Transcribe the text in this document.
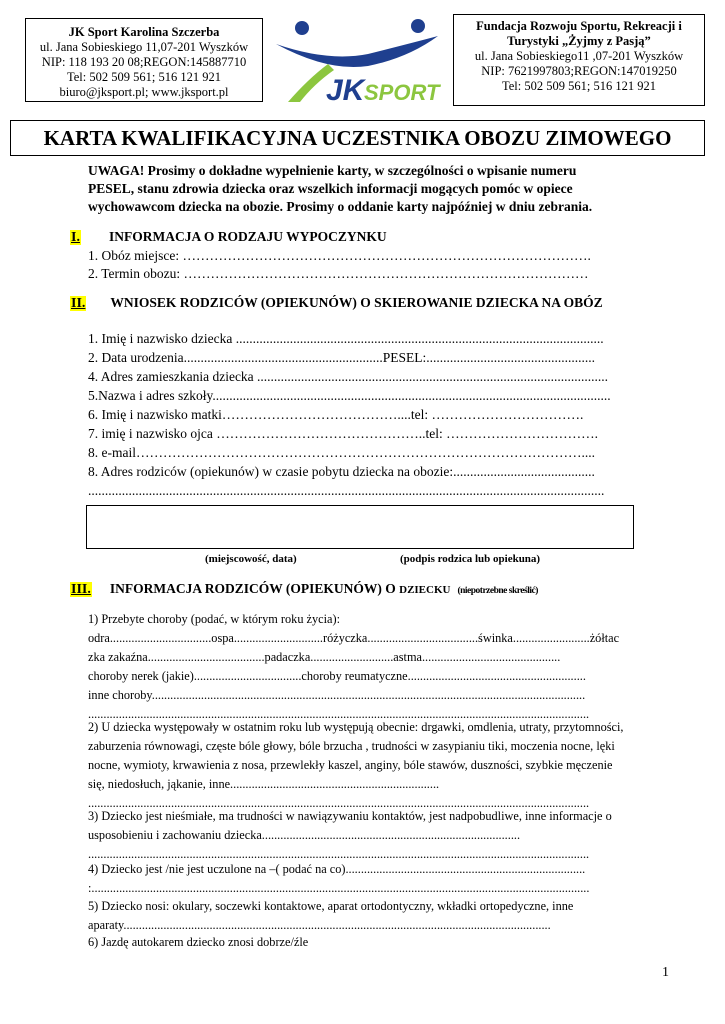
JK Sport Karolina Szczerba
ul. Jana Sobieskiego 11,07-201 Wyszków
NIP: 118 193 20 08;REGON:145887710
Tel: 502 509 561; 516 121 921
biuro@jksport.pl; www.jksport.pl	JK SPORT
Fundacja Rozwoju Sportu, Rekreacji i
Turystyki „Żyjmy z Pasją”
ul. Jana Sobieskiego11 ,07-201 Wyszków
NIP: 7621997803;REGON:147019250
Tel: 502 509 561; 516 121 921
KARTA KWALIFIKACYJNA UCZESTNIKA OBOZU ZIMOWEGO
UWAGA! Prosimy o dokładne wypełnienie karty, w szczególności o wpisanie numeru
PESEL, stanu zdrowia dziecka oraz wszelkich informacji mogących pomóc w opiece
wychowawcom dziecka na obozie. Prosimy o oddanie karty najpóźniej w dniu zebrania.
I. INFORMACJA O RODZAJU WYPOCZYNKU
1. Obóz miejsce: ……………………………………………………………………………….
2. Termin obozu: ………………………………………………………………………………
II. WNIOSEK RODZICÓW (OPIEKUNÓW) O SKIEROWANIE DZIECKA NA OBÓZ
1. Imię i nazwisko dziecka .............................................................................................................
2. Data urodzenia...........................................................PESEL:..................................................
4. Adres zamieszkania dziecka ........................................................................................................
5.Nazwa i adres szkoły......................................................................................................................
6. Imię i nazwisko matki…………………………………....tel: …………………………….
7. imię i nazwisko ojca ………………………………………..tel: …………………………….
8. e-mail………………………………………………………………………………………....
8. Adres rodziców (opiekunów) w czasie pobytu dziecka na obozie:..........................................
.........................................................................................................................................................
(miejscowość, data)	(podpis rodzica lub opiekuna)
III. INFORMACJA RODZICÓW (OPIEKUNÓW) O DZIECKU (niepotrzebne skreślić)
1) Przebyte choroby (podać, w którym roku życia):
odra.................................ospa.............................różyczka....................................świnka.........................żółtac
zka zakaźna......................................padaczka...........................astma.............................................
choroby nerek (jakie)...................................choroby reumatyczne..........................................................
inne choroby.............................................................................................................................................
...................................................................................................................................................................
2) U dziecka występowały w ostatnim roku lub występują obecnie: drgawki, omdlenia, utraty, przytomności,
zaburzenia równowagi, częste bóle głowy, bóle brzucha , trudności w zasypianiu tiki, moczenia nocne, lęki
nocne, wymioty, krwawienia z nosa, przewlekły kaszel, anginy, bóle stawów, duszności, szybkie męczenie
się, niedosłuch, jąkanie, inne....................................................................
...................................................................................................................................................................
3) Dziecko jest nieśmiałe, ma trudności w nawiązywaniu kontaktów, jest nadpobudliwe, inne informacje o
usposobieniu i zachowaniu dziecka....................................................................................
...................................................................................................................................................................
4) Dziecko jest /nie jest uczulone na –( podać na co)..............................................................................
:..................................................................................................................................................................
5) Dziecko nosi: okulary, soczewki kontaktowe, aparat ortodontyczny, wkładki ortopedyczne, inne
aparaty...........................................................................................................................................
6) Jazdę autokarem dziecko znosi dobrze/źle
1
